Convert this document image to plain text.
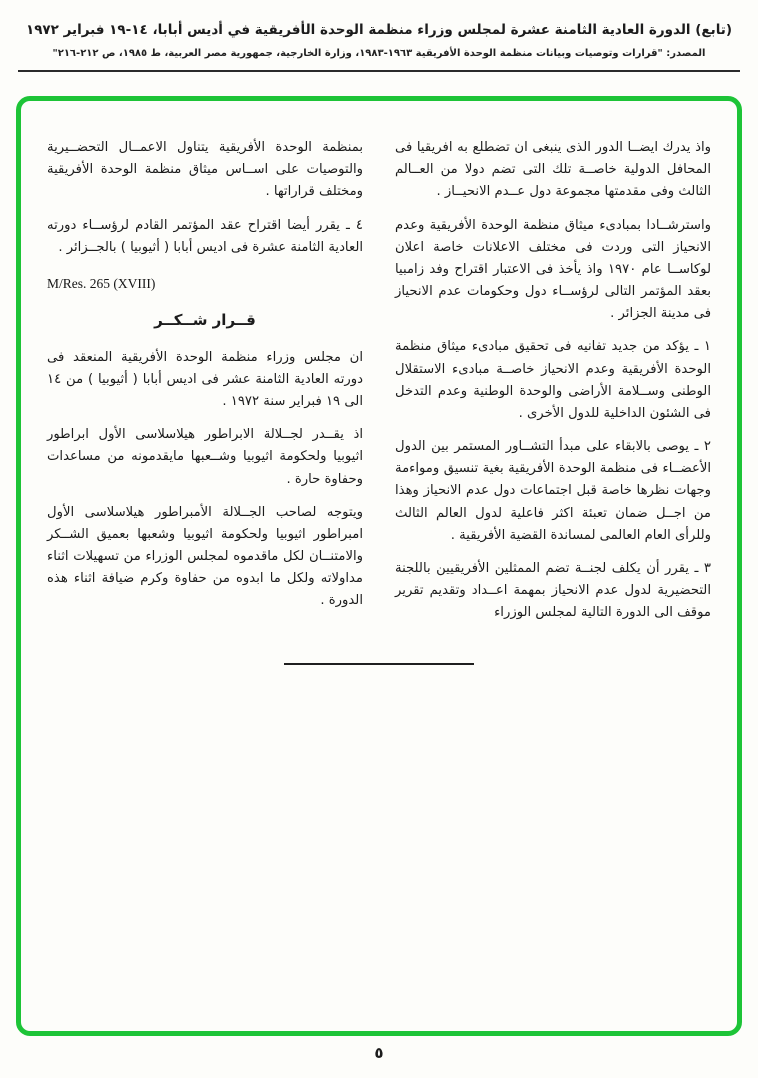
(تابع) الدورة العادية الثامنة عشرة لمجلس وزراء منظمة الوحدة الأفريقية في أديس أبابا، ١٤-١٩ فبراير ١٩٧٢
المصدر: "قرارات وتوصيات وبيانات منظمة الوحدة الأفريقية ١٩٦٣-١٩٨٣، وزارة الخارجية، جمهورية مصر العربية، ط ١٩٨٥، ص ٢١٢-٢١٦"

واذ يدرك ايضــا الدور الذى ينبغى ان تضطلع به افريقيا فى المحافل الدولية خاصــة تلك التى تضم دولا من العــالم الثالث وفى مقدمتها مجموعة دول عــدم الانحيــاز .

واسترشــادا بمبادىء ميثاق منظمة الوحدة الأفريقية وعدم الانحياز التى وردت فى مختلف الاعلانات خاصة اعلان لوكاســا عام ١٩٧٠ واذ يأخذ فى الاعتبار اقتراح وفد زامبيا بعقد المؤتمر التالى لرؤســاء دول وحكومات عدم الانحياز فى مدينة الجزائر .

١ ـ يؤكد من جديد تفانيه فى تحقيق مبادىء ميثاق منظمة الوحدة الأفريقية وعدم الانحياز خاصــة مبادىء الاستقلال الوطنى وســلامة الأراضى والوحدة الوطنية وعدم التدخل فى الشئون الداخلية للدول الأخرى .

٢ ـ يوصى بالابقاء على مبدأ التشــاور المستمر بين الدول الأعضــاء فى منظمة الوحدة الأفريقية بغية تنسيق ومواءمة وجهات نظرها خاصة قبل اجتماعات دول عدم الانحياز وهذا من اجــل ضمان تعبئة اكثر فاعلية لدول العالم الثالث وللرأى العام العالمى لمساندة القضية الأفريقية .

٣ ـ يقرر أن يكلف لجنــة تضم الممثلين الأفريقيين باللجنة التحضيرية لدول عدم الانحياز بمهمة اعــداد وتقديم تقرير موقف الى الدورة التالية لمجلس الوزراء

بمنظمة الوحدة الأفريقية يتناول الاعمــال التحضــيرية والتوصيات على اســاس ميثاق منظمة الوحدة الأفريقية ومختلف قراراتها .

٤ ـ يقرر أيضا اقتراح عقد المؤتمر القادم لرؤســاء دورته العادية الثامنة عشرة فى اديس أبابا ( أثيوبيا ) بالجــزائر .

M/Res. 265 (XVIII)
قــرار شــكــر

ان مجلس وزراء منظمة الوحدة الأفريقية المنعقد فى دورته العادية الثامنة عشر فى اديس أبابا ( أثيوبيا ) من ١٤ الى ١٩ فبراير سنة ١٩٧٢ .

اذ يقــدر لجــلالة الابراطور هيلاسلاسى الأول ابراطور اثيوبيا ولحكومة اثيوبيا وشــعبها مايقدمونه من مساعدات وحفاوة حارة .

ويتوجه لصاحب الجــلالة الأمبراطور هيلاسلاسى الأول امبراطور اثيوبيا ولحكومة اثيوبيا وشعبها بعميق الشــكر والامتنــان لكل ماقدموه لمجلس الوزراء من تسهيلات اثناء مداولاته ولكل ما ابدوه من حفاوة وكرم ضيافة اثناء هذه الدورة .

٥
